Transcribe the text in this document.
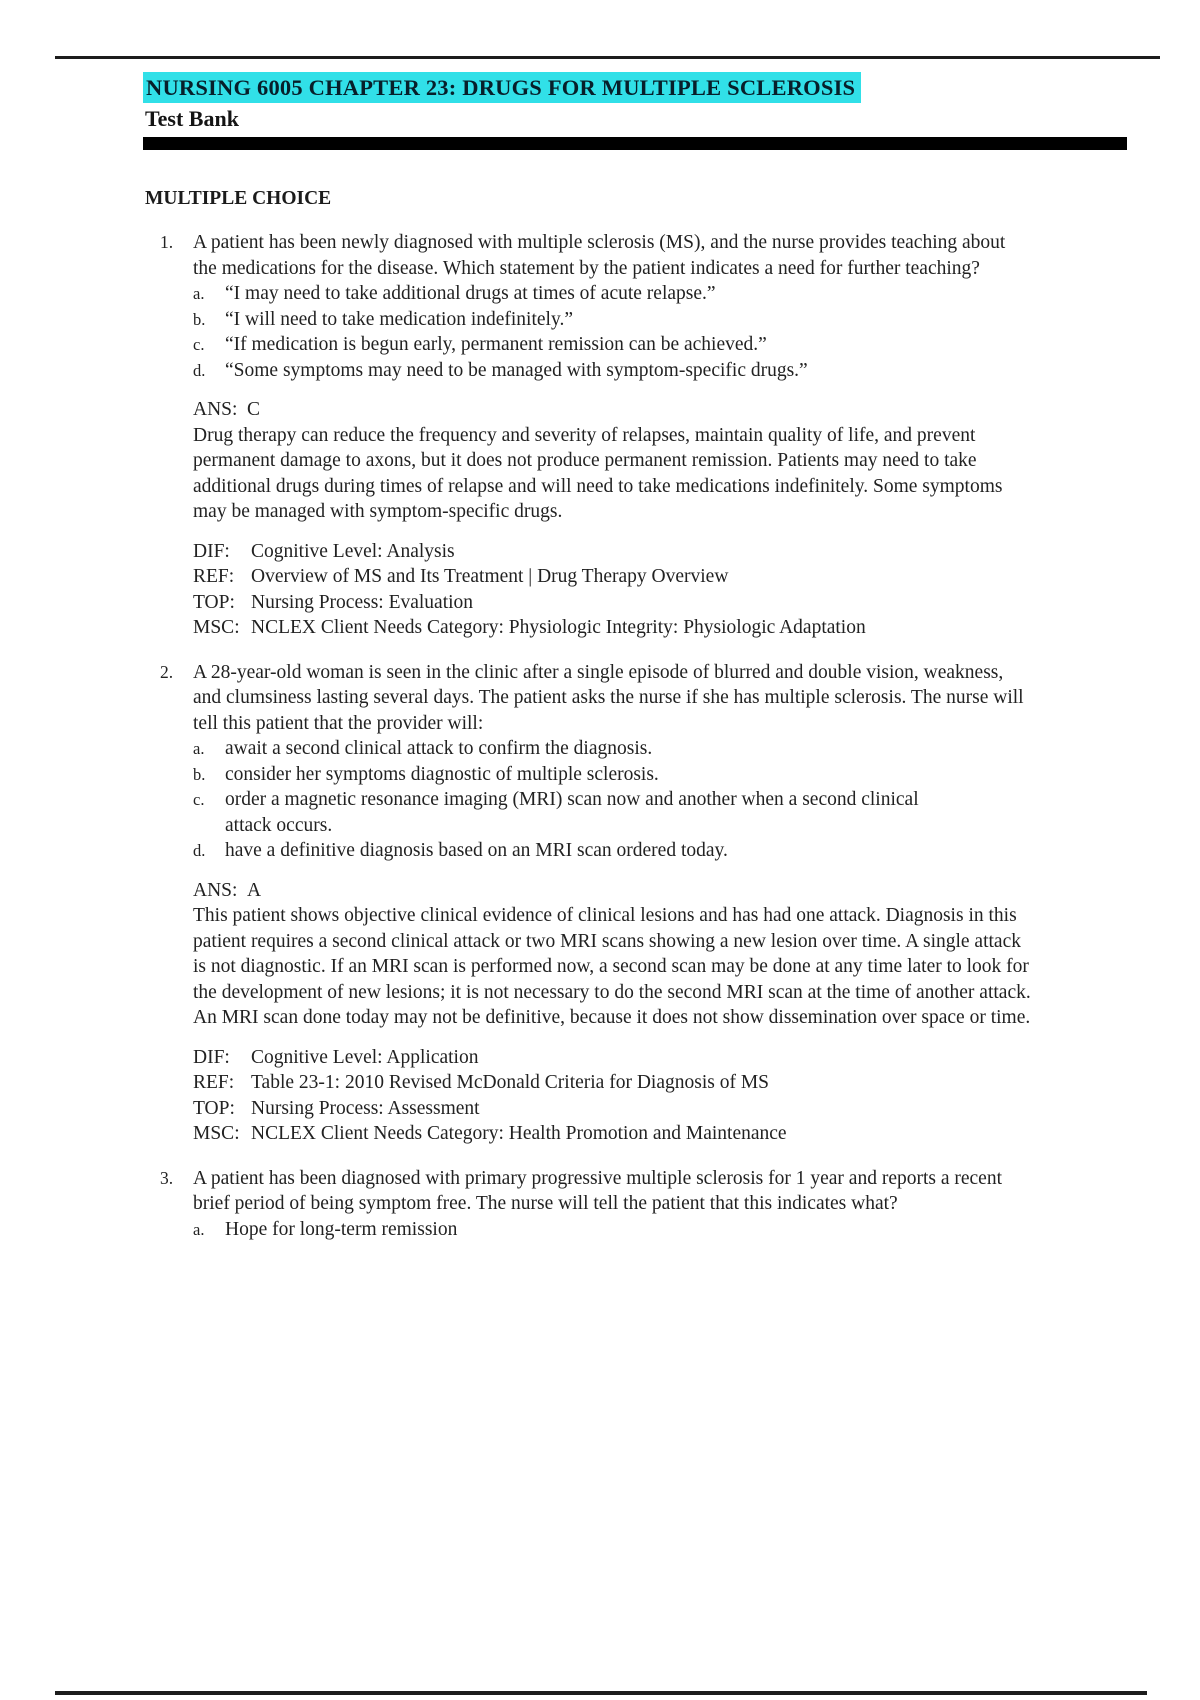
NURSING 6005 CHAPTER 23: DRUGS FOR MULTIPLE SCLEROSIS
Test Bank
MULTIPLE CHOICE
1.	A patient has been newly diagnosed with multiple sclerosis (MS), and the nurse provides teaching about the medications for the disease. Which statement by the patient indicates a need for further teaching?
a.	“I may need to take additional drugs at times of acute relapse.”
b.	“I will need to take medication indefinitely.”
c.	“If medication is begun early, permanent remission can be achieved.”
d.	“Some symptoms may need to be managed with symptom-specific drugs.”
ANS: C
Drug therapy can reduce the frequency and severity of relapses, maintain quality of life, and prevent permanent damage to axons, but it does not produce permanent remission. Patients may need to take additional drugs during times of relapse and will need to take medications indefinitely. Some symptoms may be managed with symptom-specific drugs.
DIF:	Cognitive Level: Analysis
REF: Overview of MS and Its Treatment | Drug Therapy Overview
TOP: Nursing Process: Evaluation
MSC: NCLEX Client Needs Category: Physiologic Integrity: Physiologic Adaptation
2.	A 28-year-old woman is seen in the clinic after a single episode of blurred and double vision, weakness, and clumsiness lasting several days. The patient asks the nurse if she has multiple sclerosis. The nurse will tell this patient that the provider will:
a.	await a second clinical attack to confirm the diagnosis.
b.	consider her symptoms diagnostic of multiple sclerosis.
c.	order a magnetic resonance imaging (MRI) scan now and another when a second clinical attack occurs.
d.	have a definitive diagnosis based on an MRI scan ordered today.
ANS: A
This patient shows objective clinical evidence of clinical lesions and has had one attack. Diagnosis in this patient requires a second clinical attack or two MRI scans showing a new lesion over time. A single attack is not diagnostic. If an MRI scan is performed now, a second scan may be done at any time later to look for the development of new lesions; it is not necessary to do the second MRI scan at the time of another attack. An MRI scan done today may not be definitive, because it does not show dissemination over space or time.
DIF:	Cognitive Level: Application
REF: Table 23-1: 2010 Revised McDonald Criteria for Diagnosis of MS
TOP: Nursing Process: Assessment
MSC: NCLEX Client Needs Category: Health Promotion and Maintenance
3.	A patient has been diagnosed with primary progressive multiple sclerosis for 1 year and reports a recent brief period of being symptom free. The nurse will tell the patient that this indicates what?
a.	Hope for long-term remission
